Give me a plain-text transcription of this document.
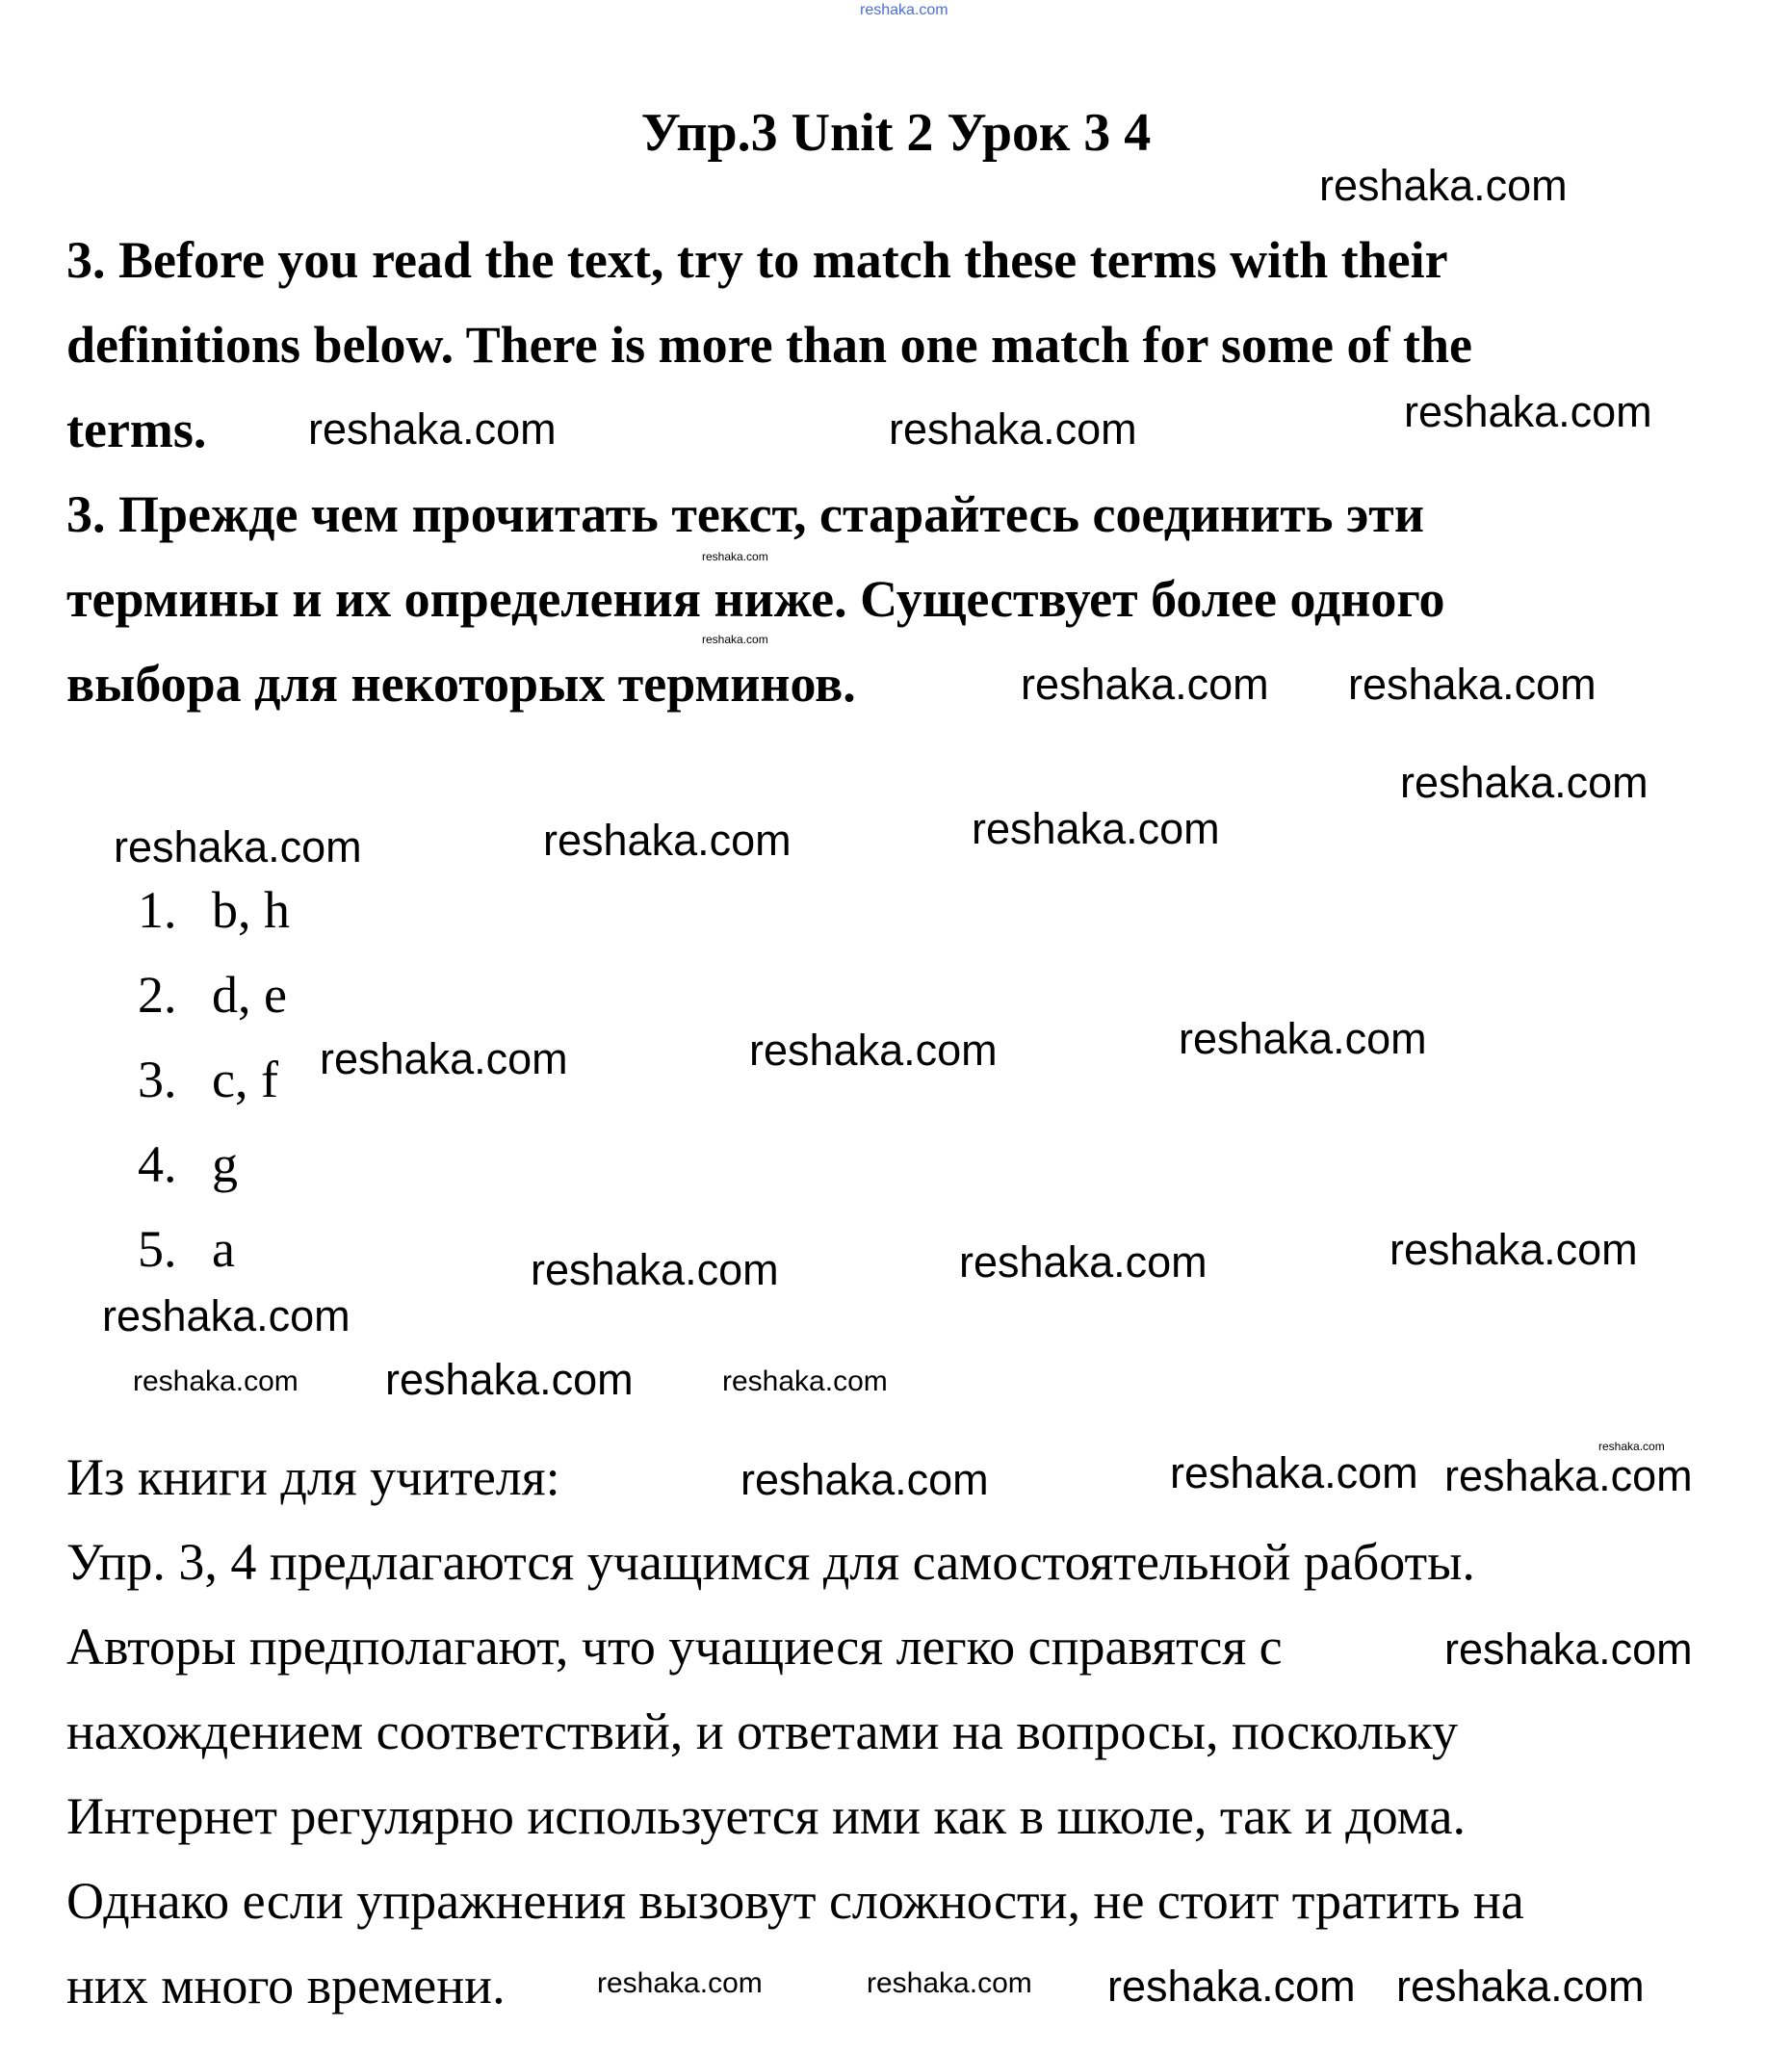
reshaka.com
Упр.3 Unit 2 Урок 3 4
3. Before you read the text, try to match these terms with their
definitions below. There is more than one match for some of the
terms.
3. Прежде чем прочитать текст, старайтесь соединить эти
термины и их определения ниже. Существует более одного
выбора для некоторых терминов.
1. b, h
2. d, e
3. c, f
4. g
5. a
Из книги для учителя:
Упр. 3, 4 предлагаются учащимся для самостоятельной работы.
Авторы предполагают, что учащиеся легко справятся с
нахождением соответствий, и ответами на вопросы, поскольку
Интернет регулярно используется ими как в школе, так и дома.
Однако если упражнения вызовут сложности, не стоит тратить на
них много времени.
reshaka.com
reshaka.com	reshaka.com	reshaka.com
reshaka.com
reshaka.com
reshaka.com
reshaka.com
reshaka.com
reshaka.com	reshaka.com	reshaka.com
reshaka.com	reshaka.com	reshaka.com
reshaka.com	reshaka.com	reshaka.com
reshaka.com
reshaka.com
reshaka.com	reshaka.com reshaka.com
reshaka.com
reshaka.com
reshaka.com reshaka.com	reshaka.com
reshaka.com
reshaka.com	reshaka.com
